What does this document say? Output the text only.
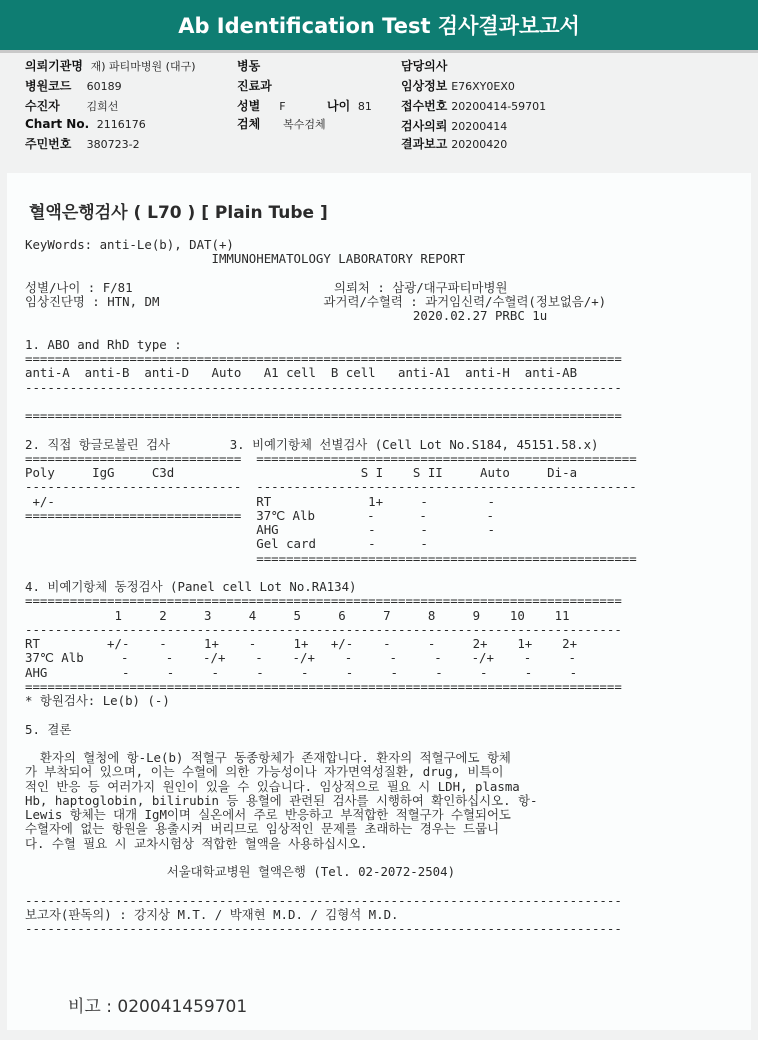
Ab Identification Test 검사결과보고서
의뢰기관명 재) 파티마병원 (대구)
병원코드 60189
수진자 김희선
Chart No. 2116176
주민번호 380723-2
병동
진료과
성별 F	나이 81
검체 복수검체
담당의사
임상정보 E76XY0EX0
접수번호 20200414-59701
검사의뢰 20200414
결과보고 20200420
혈액은행검사 ( L70 ) [ Plain Tube ]
KeyWords: anti-Le(b), DAT(+)
IMMUNOHEMATOLOGY LABORATORY REPORT
성별/나이 : F/81                           의뢰처 : 삼광/대구파티마병원
임상진단명 : HTN, DM                      과거력/수혈력 : 과거임신력/수혈력(정보없음/+)
2020.02.27 PRBC 1u
1. ABO and RhD type :
================================================================================
anti-A  anti-B  anti-D   Auto   A1 cell  B cell   anti-A1  anti-H  anti-AB
--------------------------------------------------------------------------------
================================================================================
2. 직접 항글로불린 검사        3. 비예기항체 선별검사 (Cell Lot No.S184, 45151.58.x)
=============================  ===================================================
Poly     IgG     C3d                         S I    S II     Auto     Di-a
-----------------------------  ---------------------------------------------------
+/-                           RT             1+     -        -
=============================  37℃ Alb       -      -        -
AHG            -      -        -
Gel card       -      -
===================================================
4. 비예기항체 동정검사 (Panel cell Lot No.RA134)
================================================================================
1     2     3     4     5     6     7     8     9    10    11
--------------------------------------------------------------------------------
RT         +/-    -     1+    -     1+   +/-    -     -     2+    1+    2+
37℃ Alb     -     -    -/+    -    -/+    -     -     -    -/+    -     -
AHG          -     -     -     -     -     -     -     -     -     -     -
================================================================================
* 항원검사: Le(b) (-)
5. 결론
환자의 혈청에 항-Le(b) 적혈구 동종항체가 존재합니다. 환자의 적혈구에도 항체
가 부착되어 있으며, 이는 수혈에 의한 가능성이나 자가면역성질환, drug, 비특이
적인 반응 등 여러가지 원인이 있을 수 있습니다. 임상적으로 필요 시 LDH, plasma
Hb, haptoglobin, bilirubin 등 용혈에 관련된 검사를 시행하여 확인하십시오. 항-
Lewis 항체는 대개 IgM이며 실온에서 주로 반응하고 부적합한 적혈구가 수혈되어도
수혈자에 없는 항원을 용출시켜 버리므로 임상적인 문제를 초래하는 경우는 드뭅니
다. 수혈 필요 시 교차시험상 적합한 혈액을 사용하십시오.
서울대학교병원 혈액은행 (Tel. 02-2072-2504)
--------------------------------------------------------------------------------
보고자(판독의) : 강지상 M.T. / 박재현 M.D. / 김형석 M.D.
--------------------------------------------------------------------------------
비고 : 020041459701
